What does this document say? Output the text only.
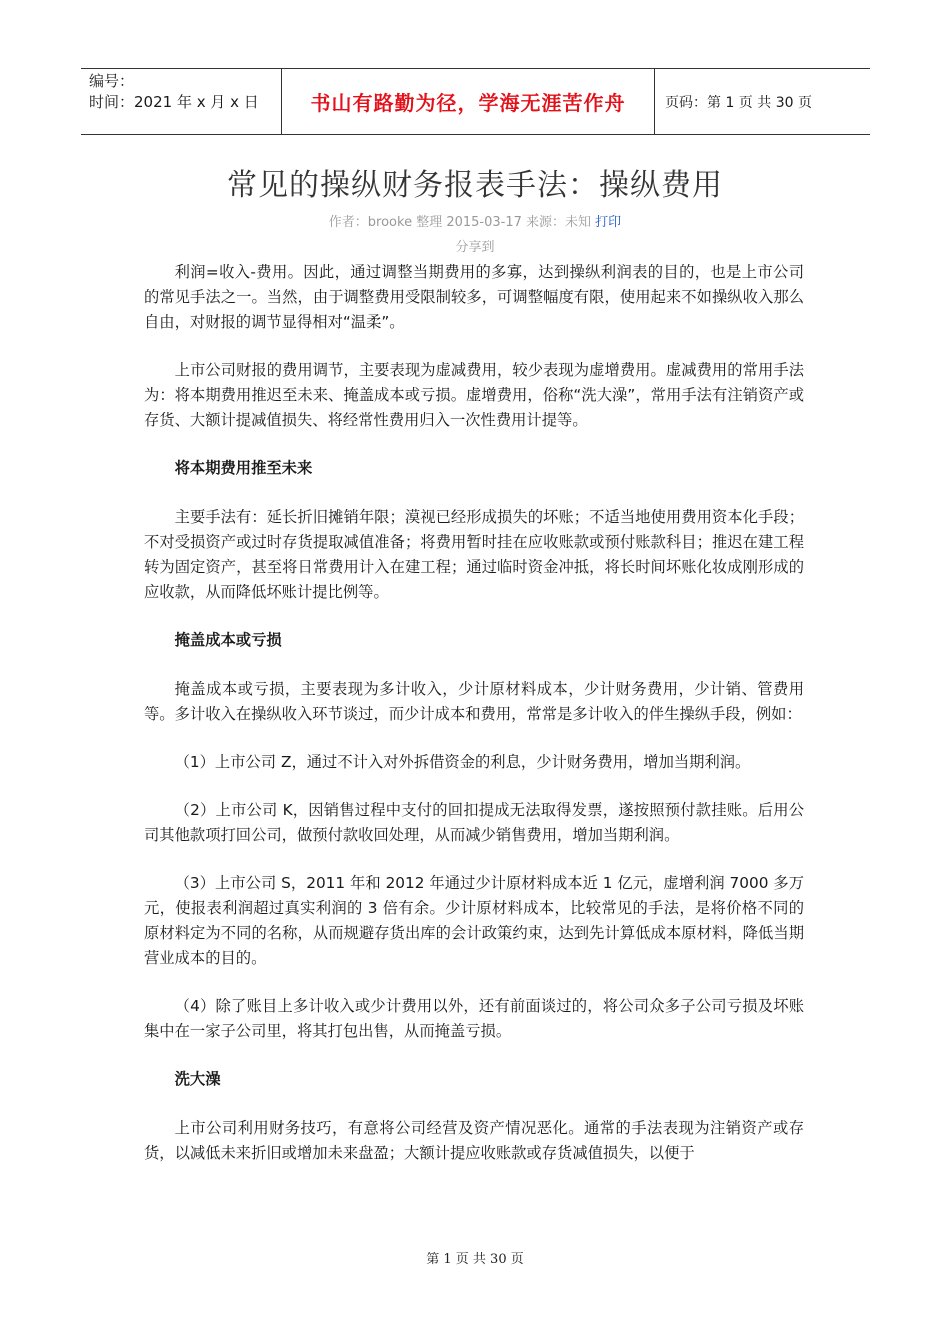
编号：
时间：2021 年 x 月 x 日	书山有路勤为径，学海无涯苦作舟	页码：第 1 页 共 30 页
常见的操纵财务报表手法：操纵费用
作者：brooke 整理 2015-03-17 来源：未知 打印
分享到

利润=收入-费用。因此，通过调整当期费用的多寡，达到操纵利润表的目的，也是上市公司的常见手法之一。当然，由于调整费用受限制较多，可调整幅度有限，使用起来不如操纵收入那么自由，对财报的调节显得相对“温柔”。

上市公司财报的费用调节，主要表现为虚减费用，较少表现为虚增费用。虚减费用的常用手法为：将本期费用推迟至未来、掩盖成本或亏损。虚增费用，俗称“洗大澡”，常用手法有注销资产或存货、大额计提减值损失、将经常性费用归入一次性费用计提等。

将本期费用推至未来

主要手法有：延长折旧摊销年限；漠视已经形成损失的坏账；不适当地使用费用资本化手段；不对受损资产或过时存货提取减值准备；将费用暂时挂在应收账款或预付账款科目；推迟在建工程转为固定资产，甚至将日常费用计入在建工程；通过临时资金冲抵，将长时间坏账化妆成刚形成的应收款，从而降低坏账计提比例等。

掩盖成本或亏损

掩盖成本或亏损，主要表现为多计收入，少计原材料成本，少计财务费用，少计销、管费用等。多计收入在操纵收入环节谈过，而少计成本和费用，常常是多计收入的伴生操纵手段，例如：

（1）上市公司 Z，通过不计入对外拆借资金的利息，少计财务费用，增加当期利润。

（2）上市公司 K，因销售过程中支付的回扣提成无法取得发票，遂按照预付款挂账。后用公司其他款项打回公司，做预付款收回处理，从而减少销售费用，增加当期利润。

（3）上市公司 S，2011 年和 2012 年通过少计原材料成本近 1 亿元，虚增利润 7000 多万元，使报表利润超过真实利润的 3 倍有余。少计原材料成本，比较常见的手法，是将价格不同的原材料定为不同的名称，从而规避存货出库的会计政策约束，达到先计算低成本原材料，降低当期营业成本的目的。

（4）除了账目上多计收入或少计费用以外，还有前面谈过的，将公司众多子公司亏损及坏账集中在一家子公司里，将其打包出售，从而掩盖亏损。

洗大澡

上市公司利用财务技巧，有意将公司经营及资产情况恶化。通常的手法表现为注销资产或存货，以减低未来折旧或增加未来盘盈；大额计提应收账款或存货减值损失，以便于

第 1 页 共 30 页
